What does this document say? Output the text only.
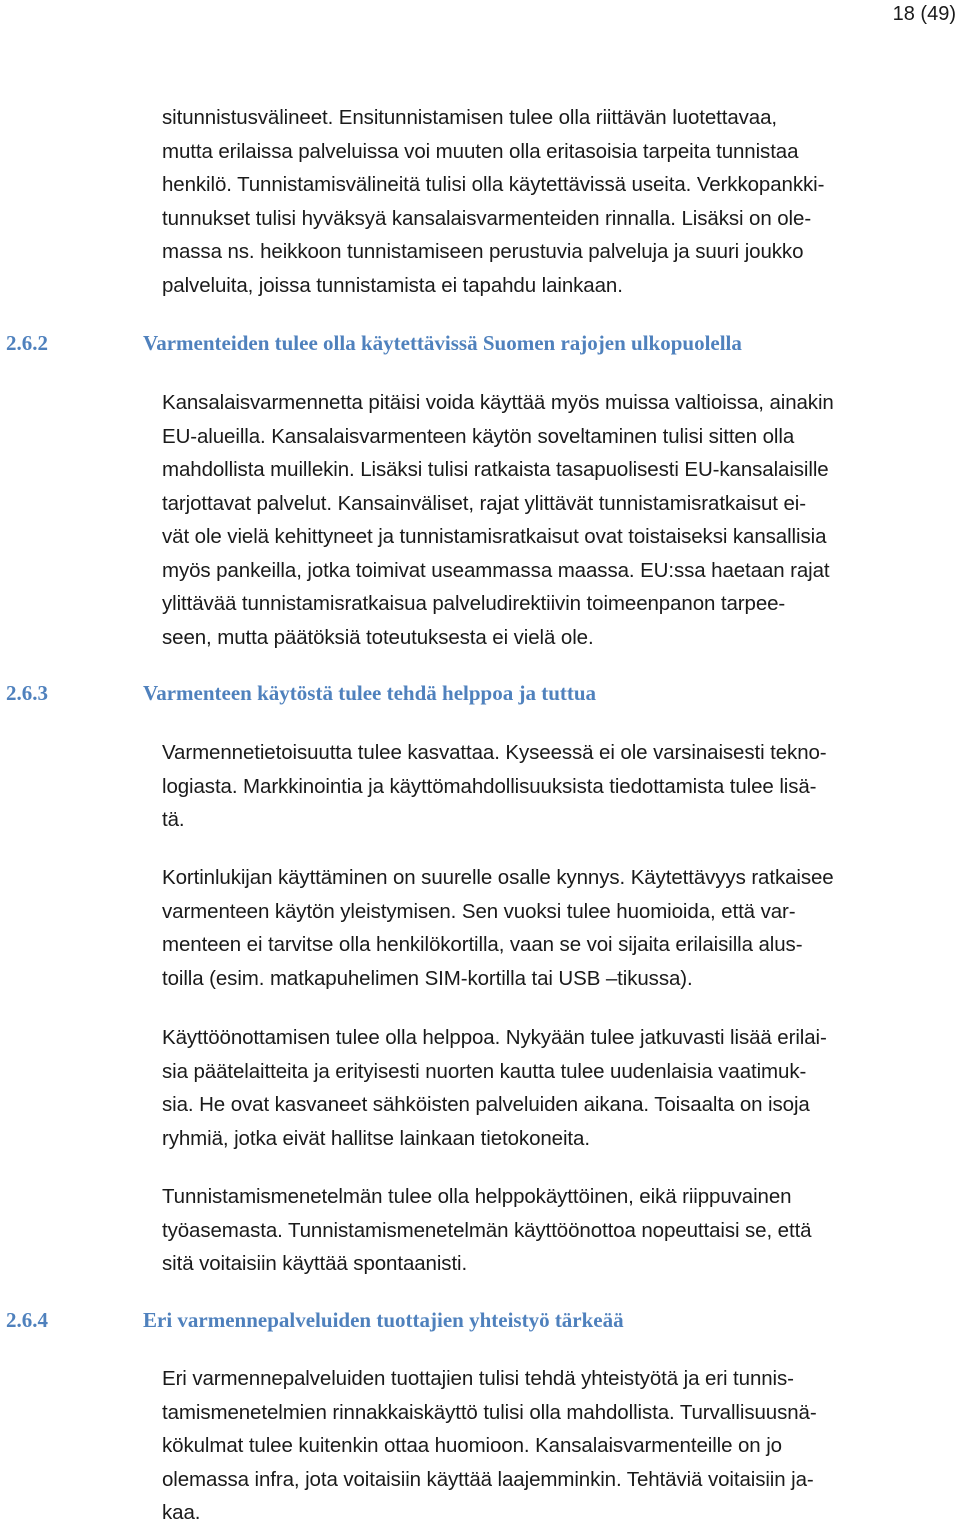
18 (49)
situnnistusvälineet. Ensitunnistamisen tulee olla riittävän luotettavaa,
mutta erilaissa palveluissa voi muuten olla eritasoisia tarpeita tunnistaa
henkilö. Tunnistamisvälineitä tulisi olla käytettävissä useita. Verkkopankki-
tunnukset tulisi hyväksyä kansalaisvarmenteiden rinnalla. Lisäksi on ole-
massa ns. heikkoon tunnistamiseen perustuvia palveluja ja suuri joukko
palveluita, joissa tunnistamista ei tapahdu lainkaan.
2.6.2	Varmenteiden tulee olla käytettävissä Suomen rajojen ulkopuolella
Kansalaisvarmennetta pitäisi voida käyttää myös muissa valtioissa, ainakin
EU-alueilla. Kansalaisvarmenteen käytön soveltaminen tulisi sitten olla
mahdollista muillekin. Lisäksi tulisi ratkaista tasapuolisesti EU-kansalaisille
tarjottavat palvelut. Kansainväliset, rajat ylittävät tunnistamisratkaisut ei-
vät ole vielä kehittyneet ja tunnistamisratkaisut ovat toistaiseksi kansallisia
myös pankeilla, jotka toimivat useammassa maassa. EU:ssa haetaan rajat
ylittävää tunnistamisratkaisua palveludirektiivin toimeenpanon tarpee-
seen, mutta päätöksiä toteutuksesta ei vielä ole.
2.6.3	Varmenteen käytöstä tulee tehdä helppoa ja tuttua
Varmennetietoisuutta tulee kasvattaa. Kyseessä ei ole varsinaisesti tekno-
logiasta. Markkinointia ja käyttömahdollisuuksista tiedottamista tulee lisä-
tä.
Kortinlukijan käyttäminen on suurelle osalle kynnys. Käytettävyys ratkaisee
varmenteen käytön yleistymisen. Sen vuoksi tulee huomioida, että var-
menteen ei tarvitse olla henkilökortilla, vaan se voi sijaita erilaisilla alus-
toilla (esim. matkapuhelimen SIM-kortilla tai USB –tikussa).
Käyttöönottamisen tulee olla helppoa. Nykyään tulee jatkuvasti lisää erilai-
sia päätelaitteita ja erityisesti nuorten kautta tulee uudenlaisia vaatimuk-
sia. He ovat kasvaneet sähköisten palveluiden aikana. Toisaalta on isoja
ryhmiä, jotka eivät hallitse lainkaan tietokoneita.
Tunnistamismenetelmän tulee olla helppokäyttöinen, eikä riippuvainen
työasemasta. Tunnistamismenetelmän käyttöönottoa nopeuttaisi se, että
sitä voitaisiin käyttää spontaanisti.
2.6.4	Eri varmennepalveluiden tuottajien yhteistyö tärkeää
Eri varmennepalveluiden tuottajien tulisi tehdä yhteistyötä ja eri tunnis-
tamismenetelmien rinnakkaiskäyttö tulisi olla mahdollista. Turvallisuusnä-
kökulmat tulee kuitenkin ottaa huomioon. Kansalaisvarmenteille on jo
olemassa infra, jota voitaisiin käyttää laajemminkin. Tehtäviä voitaisiin ja-
kaa.
